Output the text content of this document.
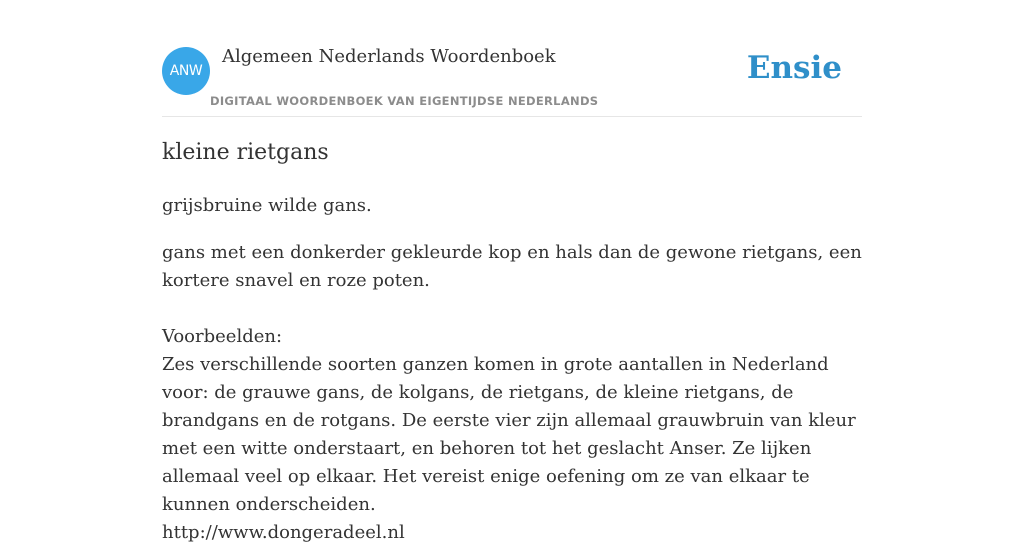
ANW
Algemeen Nederlands Woordenboek
DIGITAAL WOORDENBOEK VAN EIGENTIJDSE NEDERLANDS
Ensie
kleine rietgans
grijsbruine wilde gans.

gans met een donkerder gekleurde kop en hals dan de gewone rietgans, een kortere snavel en roze poten.

Voorbeelden:

Zes verschillende soorten ganzen komen in grote aantallen in Nederland voor: de grauwe gans, de kolgans, de rietgans, de kleine rietgans, de brandgans en de rotgans. De eerste vier zijn allemaal grauwbruin van kleur met een witte onderstaart, en behoren tot het geslacht Anser. Ze lijken allemaal veel op elkaar. Het vereist enige oefening om ze van elkaar te kunnen onderscheiden.

http://www.dongeradeel.nl
